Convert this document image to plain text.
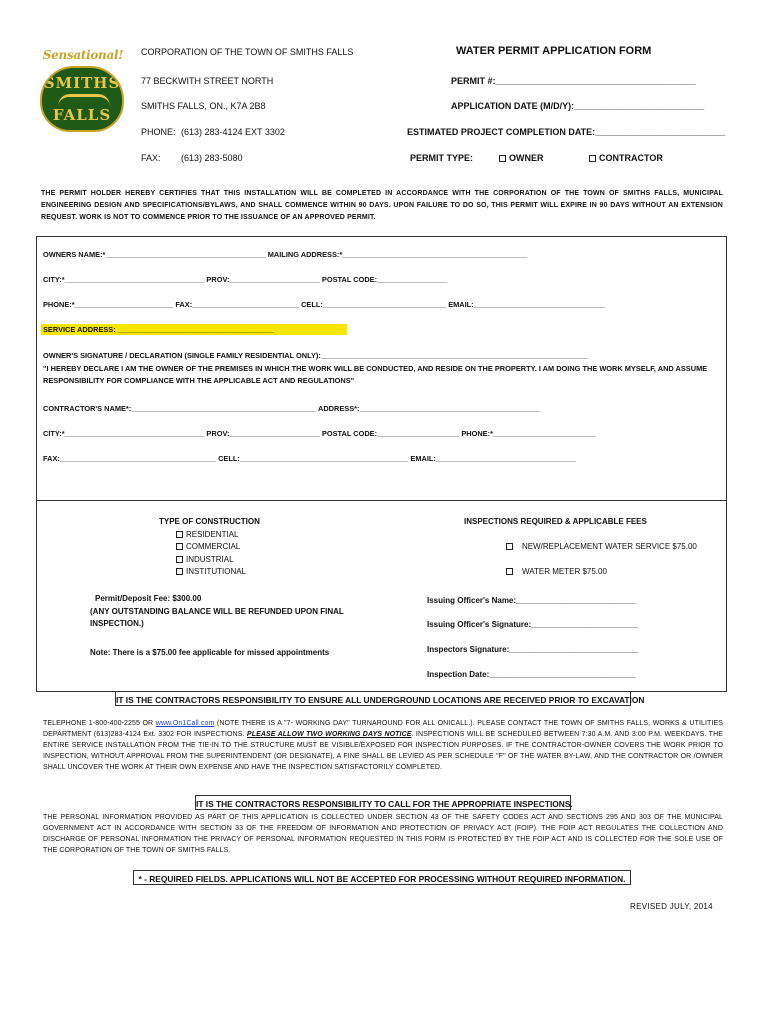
Sensational!
SMITHS
FALLS
CORPORATION OF THE TOWN OF SMITHS FALLS
77 BECKWITH STREET NORTH
SMITHS FALLS, ON., K7A 2B8
PHONE: (613) 283-4124 EXT 3302
FAX: (613) 283-5080
WATER PERMIT APPLICATION FORM
PERMIT #:________________________________________
APPLICATION DATE (M/D/Y):__________________________
ESTIMATED PROJECT COMPLETION DATE:__________________________
PERMIT TYPE:	OWNER	CONTRACTOR
THE PERMIT HOLDER HEREBY CERTIFIES THAT THIS INSTALLATION WILL BE COMPLETED IN ACCORDANCE WITH THE CORPORATION OF THE TOWN OF SMITHS FALLS, MUNICIPAL ENGINEERING DESIGN AND SPECIFICATIONS/BYLAWS, AND SHALL COMMENCE WITHIN 90 DAYS. UPON FAILURE TO DO SO, THIS PERMIT WILL EXPIRE IN 90 DAYS WITHOUT AN EXTENSION REQUEST. WORK IS NOT TO COMMENCE PRIOR TO THE ISSUANCE OF AN APPROVED PERMIT.
OWNERS NAME:*_______________________________________ MAILING ADDRESS:*_____________________________________________
CITY:*__________________________________ PROV:______________________ POSTAL CODE:_________________
PHONE:*________________________ FAX:__________________________ CELL:______________________________ EMAIL:________________________________
SERVICE ADDRESS: ______________________________________
OWNER'S SIGNATURE / DECLARATION (SINGLE FAMILY RESIDENTIAL ONLY):_________________________________________________________________
"I HEREBY DECLARE I AM THE OWNER OF THE PREMISES IN WHICH THE WORK WILL BE CONDUCTED, AND RESIDE ON THE PROPERTY. I AM DOING THE WORK MYSELF, AND ASSUME RESPONSIBILITY FOR COMPLIANCE WITH THE APPLICABLE ACT AND REGULATIONS"
CONTRACTOR'S NAME*:_____________________________________________ ADDRESS*:____________________________________________
CITY:*__________________________________ PROV:______________________ POSTAL CODE:____________________ PHONE:*_________________________
FAX:______________________________________ CELL:_________________________________________ EMAIL:__________________________________
TYPE OF CONSTRUCTION
RESIDENTIAL
COMMERCIAL
INDUSTRIAL
INSTITUTIONAL
INSPECTIONS REQUIRED & APPLICABLE FEES
NEW/REPLACEMENT WATER SERVICE $75.00
WATER METER $75.00
Permit/Deposit Fee: $300.00
(ANY OUTSTANDING BALANCE WILL BE REFUNDED UPON FINAL INSPECTION.)
Note: There is a $75.00 fee applicable for missed appointments
Issuing Officer's Name:___________________________
Issuing Officer's Signature:________________________
Inspectors Signature:_____________________________
Inspection Date:_________________________________
IT IS THE CONTRACTORS RESPONSIBILITY TO ENSURE ALL UNDERGROUND LOCATIONS ARE RECEIVED PRIOR TO EXCAVATION
TELEPHONE 1-800-400-2255 OR www.On1Call.com (NOTE THERE IS A "7- WORKING DAY" TURNAROUND FOR ALL ONICALL.). PLEASE CONTACT THE TOWN OF SMITHS FALLS, WORKS & UTILITIES DEPARTMENT (613)283-4124 Ext. 3302 FOR INSPECTIONS. PLEASE ALLOW TWO WORKING DAYS NOTICE. INSPECTIONS WILL BE SCHEDULED BETWEEN 7:30 A.M. AND 3:00 P.M. WEEKDAYS. THE ENTIRE SERVICE INSTALLATION FROM THE TIE-IN TO THE STRUCTURE MUST BE VISIBLE/EXPOSED FOR INSPECTION PURPOSES. IF THE CONTRACTOR-OWNER COVERS THE WORK PRIOR TO INSPECTION, WITHOUT APPROVAL FROM THE SUPERINTENDENT (OR DESIGNATE), A FINE SHALL BE LEVIED AS PER SCHEDULE "F" OF THE WATER BY-LAW, AND THE CONTRACTOR OR /OWNER SHALL UNCOVER THE WORK AT THEIR OWN EXPENSE AND HAVE THE INSPECTION SATISFACTORILY COMPLETED.
IT IS THE CONTRACTORS RESPONSIBILITY TO CALL FOR THE APPROPRIATE INSPECTIONS.
THE PERSONAL INFORMATION PROVIDED AS PART OF THIS APPLICATION IS COLLECTED UNDER SECTION 43 OF THE SAFETY CODES ACT AND SECTIONS 295 AND 303 OF THE MUNICIPAL GOVERNMENT ACT IN ACCORDANCE WITH SECTION 33 OF THE FREEDOM OF INFORMATION AND PROTECTION OF PRIVACY ACT (FOIP). THE FOIP ACT REGULATES THE COLLECTION AND DISCHARGE OF PERSONAL INFORMATION THE PRIVACY OF PERSONAL INFORMATION REQUESTED IN THIS FORM IS PROTECTED BY THE FOIP ACT AND IS COLLECTED FOR THE SOLE USE OF THE CORPORATION OF THE TOWN OF SMITHS FALLS.
* - REQUIRED FIELDS. APPLICATIONS WILL NOT BE ACCEPTED FOR PROCESSING WITHOUT REQUIRED INFORMATION.
REVISED JULY, 2014
